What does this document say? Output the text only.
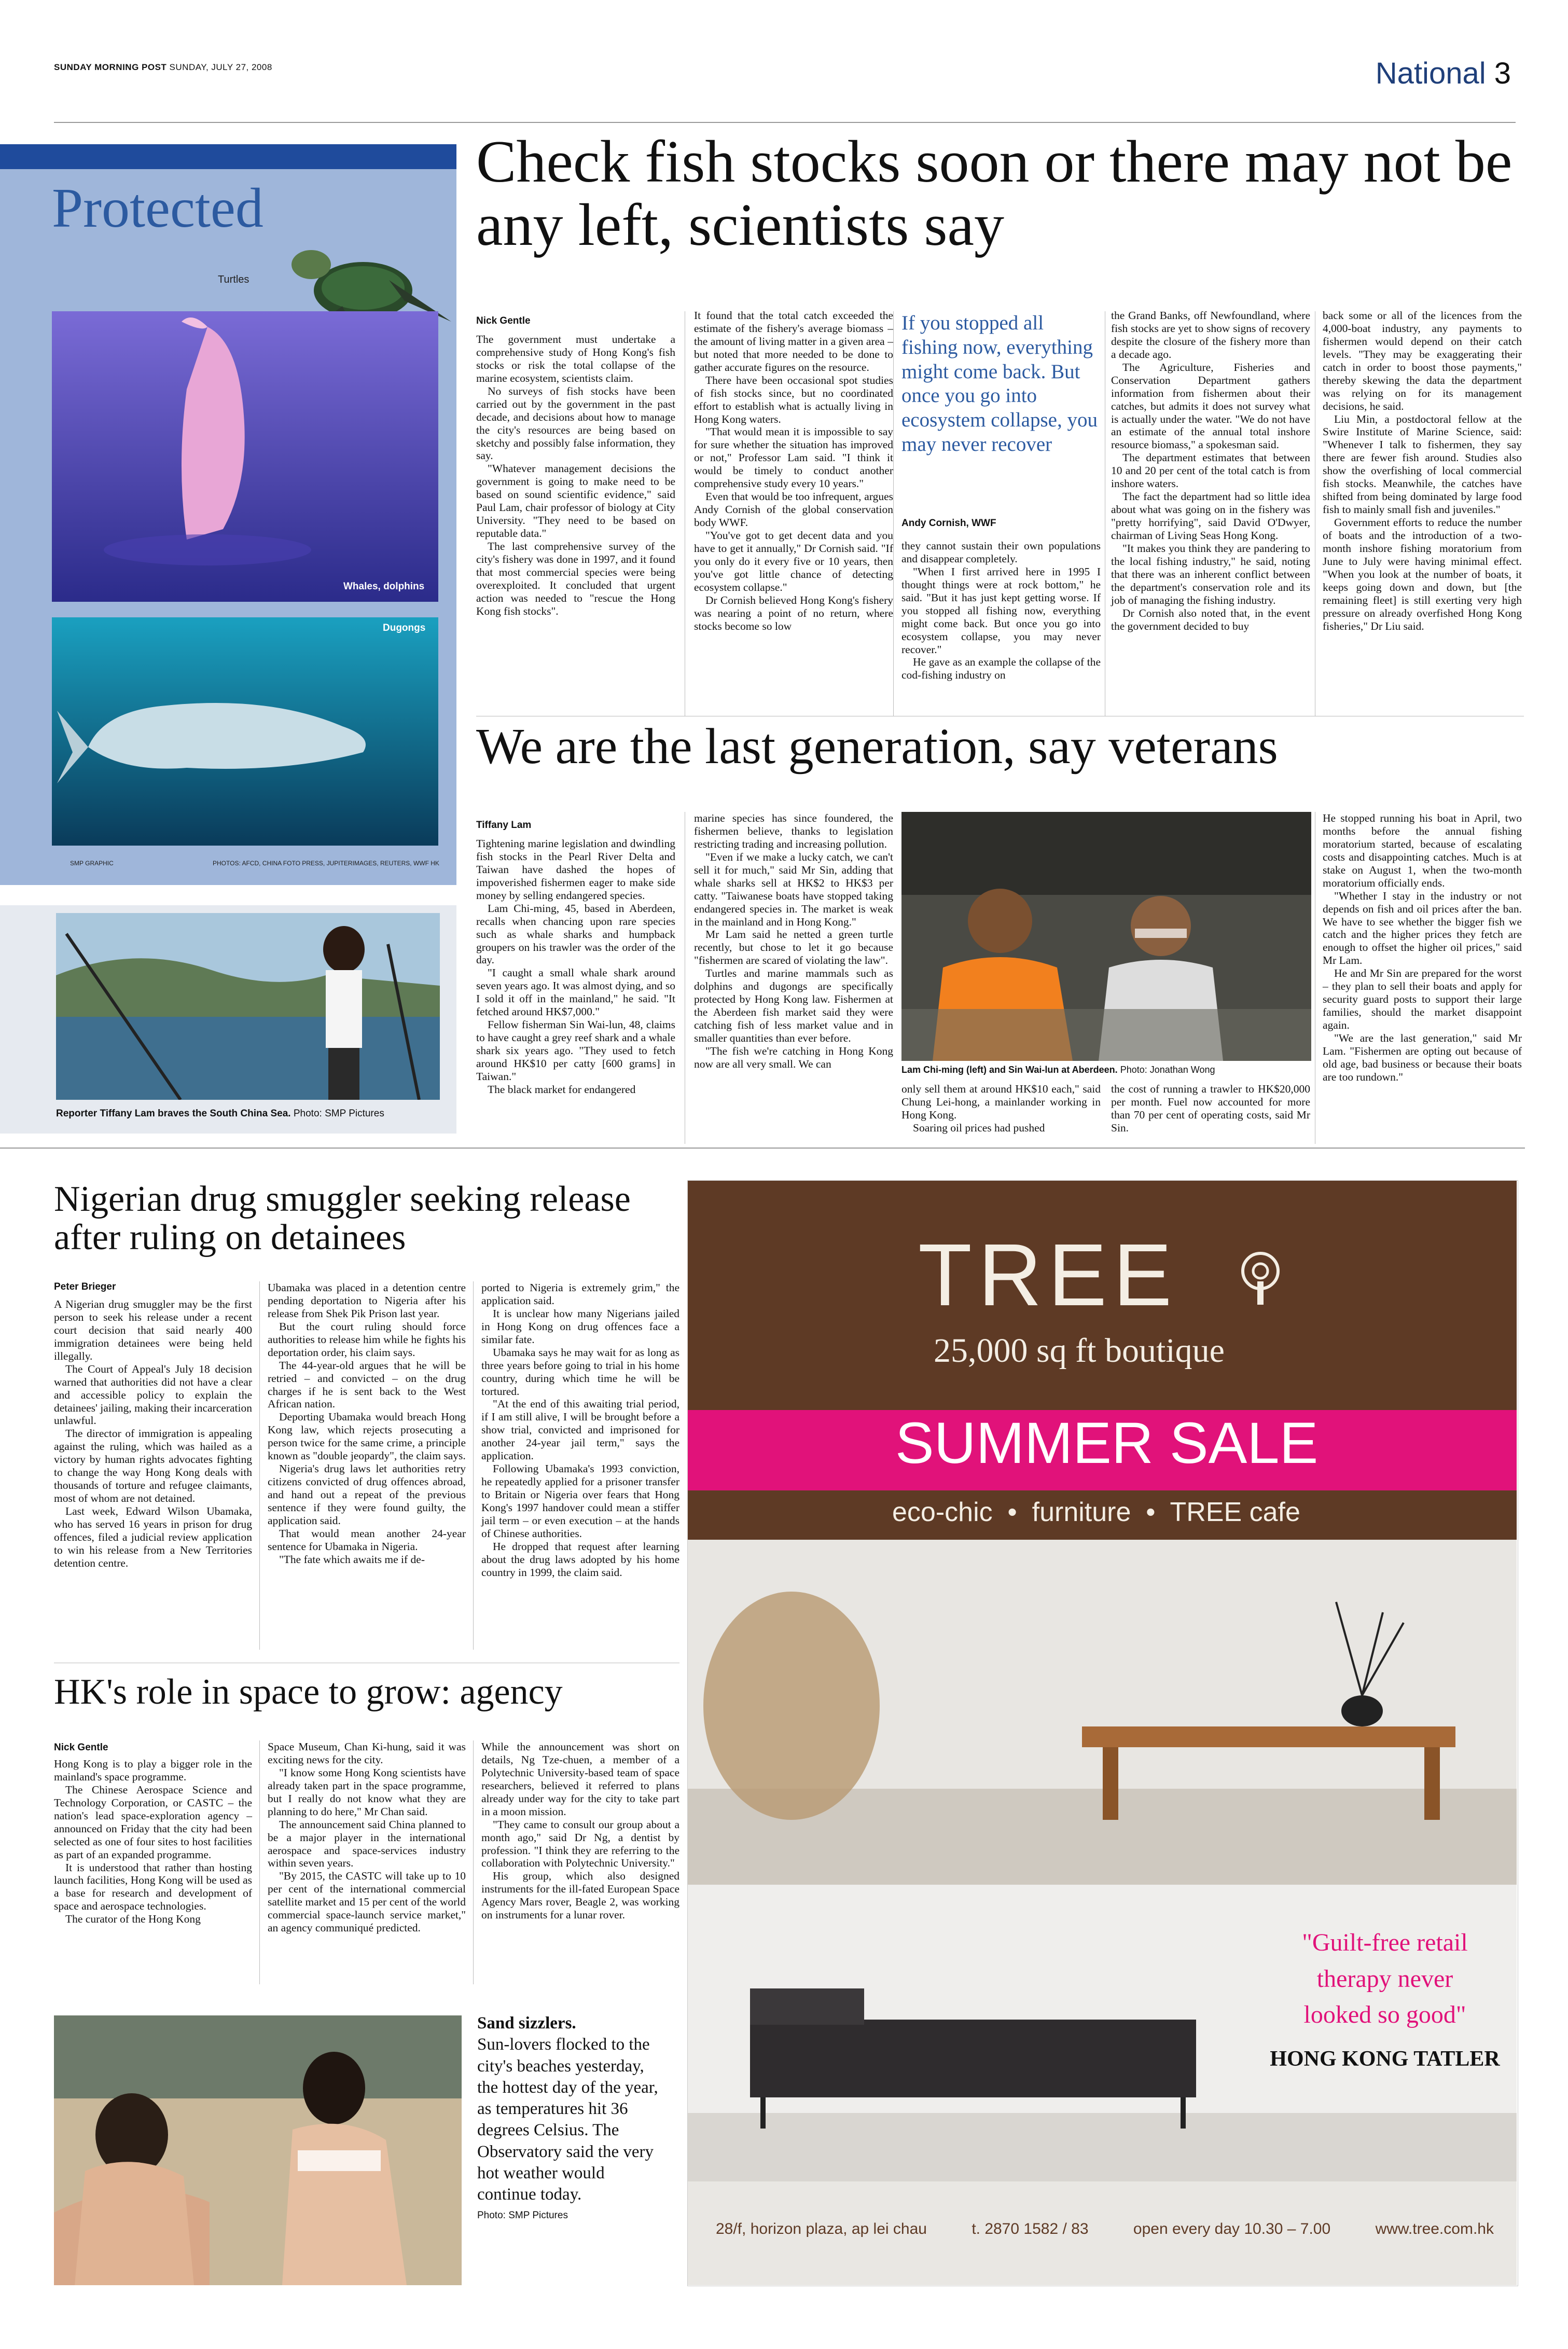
SUNDAY MORNING POST SUNDAY, JULY 27, 2008	National 3
Protected
Turtles
Whales, dolphins
Dugongs
SMP GRAPHIC	PHOTOS: AFCD, CHINA FOTO PRESS, JUPITERIMAGES, REUTERS, WWF HK
Reporter Tiffany Lam braves the South China Sea. Photo: SMP Pictures
Check fish stocks soon or there may not be any left, scientists say
Nick Gentle

The government must undertake a comprehensive study of Hong Kong's fish stocks or risk the total collapse of the marine ecosystem, scientists claim.

No surveys of fish stocks have been carried out by the government in the past decade, and decisions about how to manage the city's resources are being based on sketchy and possibly false information, they say.

"Whatever management decisions the government is going to make need to be based on sound scientific evidence," said Paul Lam, chair professor of biology at City University. "They need to be based on reputable data."

The last comprehensive survey of the city's fishery was done in 1997, and it found that most commercial species were being overexploited. It concluded that urgent action was needed to "rescue the Hong Kong fish stocks".

It found that the total catch exceeded the estimate of the fishery's average biomass – the amount of living matter in a given area – but noted that more needed to be done to gather accurate figures on the resource.

There have been occasional spot studies of fish stocks since, but no coordinated effort to establish what is actually living in Hong Kong waters.

"That would mean it is impossible to say for sure whether the situation has improved or not," Professor Lam said. "I think it would be timely to conduct another comprehensive study every 10 years."

Even that would be too infrequent, argues Andy Cornish of the global conservation body WWF.

"You've got to get decent data and you have to get it annually," Dr Cornish said. "If you only do it every five or 10 years, then you've got little chance of detecting ecosystem collapse."

Dr Cornish believed Hong Kong's fishery was nearing a point of no return, where stocks become so low

If you stopped all fishing now, everything might come back. But once you go into ecosystem collapse, you may never recover
Andy Cornish, WWF

they cannot sustain their own populations and disappear completely.

"When I first arrived here in 1995 I thought things were at rock bottom," he said. "But it has just kept getting worse. If you stopped all fishing now, everything might come back. But once you go into ecosystem collapse, you may never recover."

He gave as an example the collapse of the cod-fishing industry on

the Grand Banks, off Newfoundland, where fish stocks are yet to show signs of recovery despite the closure of the fishery more than a decade ago.

The Agriculture, Fisheries and Conservation Department gathers information from fishermen about their catches, but admits it does not survey what is actually under the water. "We do not have an estimate of the annual total inshore resource biomass," a spokesman said.

The department estimates that between 10 and 20 per cent of the total catch is from inshore waters.

The fact the department had so little idea about what was going on in the fishery was "pretty horrifying", said David O'Dwyer, chairman of Living Seas Hong Kong.

"It makes you think they are pandering to the local fishing industry," he said, noting that there was an inherent conflict between the department's conservation role and its job of managing the fishing industry.

Dr Cornish also noted that, in the event the government decided to buy

back some or all of the licences from the 4,000-boat industry, any payments to fishermen would depend on their catch levels. "They may be exaggerating their catch in order to boost those payments," thereby skewing the data the department was relying on for its management decisions, he said.

Liu Min, a postdoctoral fellow at the Swire Institute of Marine Science, said: "Whenever I talk to fishermen, they say there are fewer fish around. Studies also show the overfishing of local commercial fish stocks. Meanwhile, the catches have shifted from being dominated by large food fish to mainly small fish and juveniles."

Government efforts to reduce the number of boats and the introduction of a two-month inshore fishing moratorium from June to July were having minimal effect. "When you look at the number of boats, it keeps going down and down, but [the remaining fleet] is still exerting very high pressure on already overfished Hong Kong fisheries," Dr Liu said.

We are the last generation, say veterans
Tiffany Lam

Tightening marine legislation and dwindling fish stocks in the Pearl River Delta and Taiwan have dashed the hopes of impoverished fishermen eager to make side money by selling endangered species.

Lam Chi-ming, 45, based in Aberdeen, recalls when chancing upon rare species such as whale sharks and humpback groupers on his trawler was the order of the day.

"I caught a small whale shark around seven years ago. It was almost dying, and so I sold it off in the mainland," he said. "It fetched around HK$7,000."

Fellow fisherman Sin Wai-lun, 48, claims to have caught a grey reef shark and a whale shark six years ago. "They used to fetch around HK$10 per catty [600 grams] in Taiwan."

The black market for endangered

marine species has since foundered, the fishermen believe, thanks to legislation restricting trading and increasing pollution.

"Even if we make a lucky catch, we can't sell it for much," said Mr Sin, adding that whale sharks sell at HK$2 to HK$3 per catty. "Taiwanese boats have stopped taking endangered species in. The market is weak in the mainland and in Hong Kong."

Mr Lam said he netted a green turtle recently, but chose to let it go because "fishermen are scared of violating the law".

Turtles and marine mammals such as dolphins and dugongs are specifically protected by Hong Kong law. Fishermen at the Aberdeen fish market said they were catching fish of less market value and in smaller quantities than ever before.

"The fish we're catching in Hong Kong now are all very small. We can	Lam Chi-ming (left) and Sin Wai-lun at Aberdeen. Photo: Jonathan Wong

only sell them at around HK$10 each," said Chung Lei-hong, a mainlander working in Hong Kong.

Soaring oil prices had pushed

the cost of running a trawler to HK$20,000 per month. Fuel now accounted for more than 70 per cent of operating costs, said Mr Sin.

He stopped running his boat in April, two months before the annual fishing moratorium started, because of escalating costs and disappointing catches. Much is at stake on August 1, when the two-month moratorium officially ends.

"Whether I stay in the industry or not depends on fish and oil prices after the ban. We have to see whether the bigger fish we catch and the higher prices they fetch are enough to offset the higher oil prices," said Mr Lam.

He and Mr Sin are prepared for the worst – they plan to sell their boats and apply for security guard posts to support their large families, should the market disappoint again.

"We are the last generation," said Mr Lam. "Fishermen are opting out because of old age, bad business or because their boats are too rundown."

Nigerian drug smuggler seeking release after ruling on detainees
Peter Brieger

A Nigerian drug smuggler may be the first person to seek his release under a recent court decision that said nearly 400 immigration detainees were being held illegally.

The Court of Appeal's July 18 decision warned that authorities did not have a clear and accessible policy to explain the detainees' jailing, making their incarceration unlawful.

The director of immigration is appealing against the ruling, which was hailed as a victory by human rights advocates fighting to change the way Hong Kong deals with thousands of torture and refugee claimants, most of whom are not detained.

Last week, Edward Wilson Ubamaka, who has served 16 years in prison for drug offences, filed a judicial review application to win his release from a New Territories detention centre.

Ubamaka was placed in a detention centre pending deportation to Nigeria after his release from Shek Pik Prison last year.

But the court ruling should force authorities to release him while he fights his deportation order, his claim says.

The 44-year-old argues that he will be retried – and convicted – on the drug charges if he is sent back to the West African nation.

Deporting Ubamaka would breach Hong Kong law, which rejects prosecuting a person twice for the same crime, a principle known as "double jeopardy", the claim says.

Nigeria's drug laws let authorities retry citizens convicted of drug offences abroad, and hand out a repeat of the previous sentence if they were found guilty, the application said.

That would mean another 24-year sentence for Ubamaka in Nigeria.

"The fate which awaits me if de-

ported to Nigeria is extremely grim," the application said.

It is unclear how many Nigerians jailed in Hong Kong on drug offences face a similar fate.

Ubamaka says he may wait for as long as three years before going to trial in his home country, during which time he will be tortured.

"At the end of this awaiting trial period, if I am still alive, I will be brought before a show trial, convicted and imprisoned for another 24-year jail term," says the application.

Following Ubamaka's 1993 conviction, he repeatedly applied for a prisoner transfer to Britain or Nigeria over fears that Hong Kong's 1997 handover could mean a stiffer jail term – or even execution – at the hands of Chinese authorities.

He dropped that request after learning about the drug laws adopted by his home country in 1999, the claim said.

HK's role in space to grow: agency
Nick Gentle

Hong Kong is to play a bigger role in the mainland's space programme.

The Chinese Aerospace Science and Technology Corporation, or CASTC – the nation's lead space-exploration agency – announced on Friday that the city had been selected as one of four sites to host facilities as part of an expanded programme.

It is understood that rather than hosting launch facilities, Hong Kong will be used as a base for research and development of space and aerospace technologies.

The curator of the Hong Kong

Space Museum, Chan Ki-hung, said it was exciting news for the city.

"I know some Hong Kong scientists have already taken part in the space programme, but I really do not know what they are planning to do here," Mr Chan said.

The announcement said China planned to be a major player in the international aerospace and space-services industry within seven years.

"By 2015, the CASTC will take up to 10 per cent of the international commercial satellite market and 15 per cent of the world commercial space-launch service market," an agency communiqué predicted.

While the announcement was short on details, Ng Tze-chuen, a member of a Polytechnic University-based team of space researchers, believed it referred to plans already under way for the city to take part in a moon mission.

"They came to consult our group about a month ago," said Dr Ng, a dentist by profession. "I think they are referring to the collaboration with Polytechnic University."

His group, which also designed instruments for the ill-fated European Space Agency Mars rover, Beagle 2, was working on instruments for a lunar rover.

Sand sizzlers.
Sun-lovers flocked to the city's beaches yesterday, the hottest day of the year, as temperatures hit 36 degrees Celsius. The Observatory said the very hot weather would continue today.
Photo: SMP Pictures
TREE
25,000 sq ft boutique
SUMMER SALE
eco-chic  •  furniture  •  TREE cafe
"Guilt-free retail
therapy never
looked so good"
HONG KONG TATLER
28/f, horizon plaza, ap lei chau	t. 2870 1582 / 83	open every day 10.30 – 7.00	www.tree.com.hk
